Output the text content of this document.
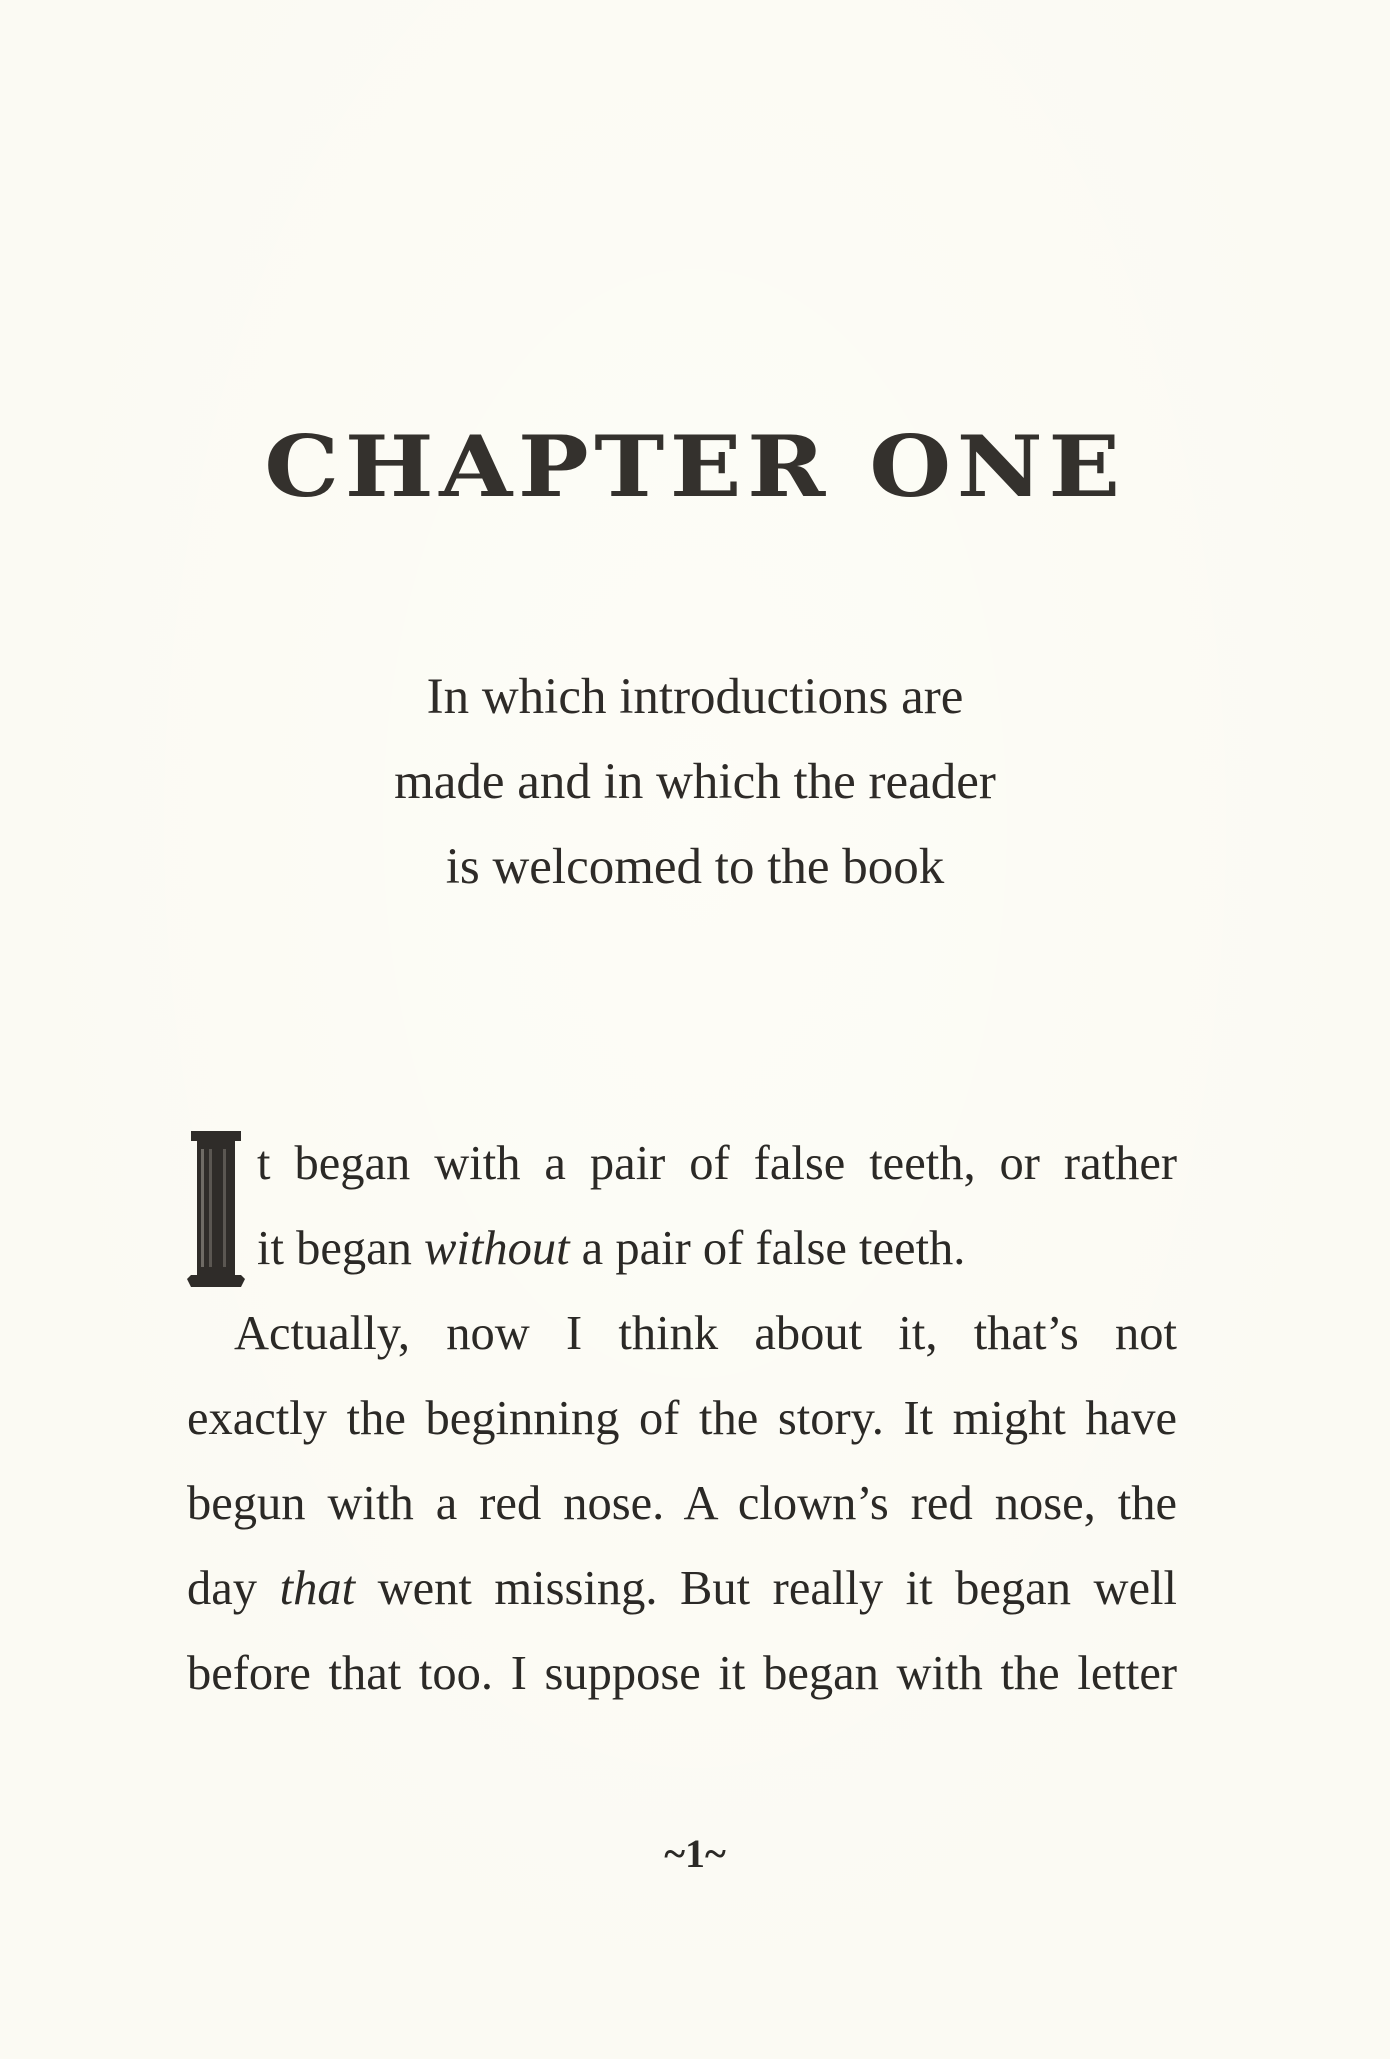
CHAPTER ONE
In which introductions are
made and in which the reader
is welcomed to the book
t began with a pair of false teeth, or rather
it began without a pair of false teeth.
Actually, now I think about it, that’s not
exactly the beginning of the story. It might have
begun with a red nose. A clown’s red nose, the
day that went missing. But really it began well
before that too. I suppose it began with the letter
~1~
